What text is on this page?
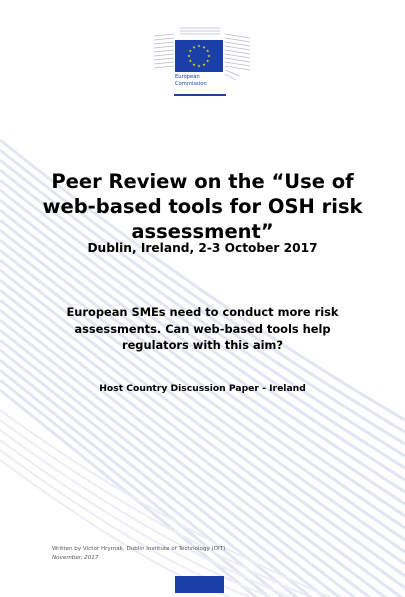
European
Commission
Peer Review on the “Use of web-based tools for OSH risk assessment”
Dublin, Ireland, 2-3 October 2017
European SMEs need to conduct more risk assessments. Can web-based tools help regulators with this aim?
Host Country Discussion Paper - Ireland
Written by Victor Hrymak, Dublin Institute of Technology (DIT)
November, 2017
